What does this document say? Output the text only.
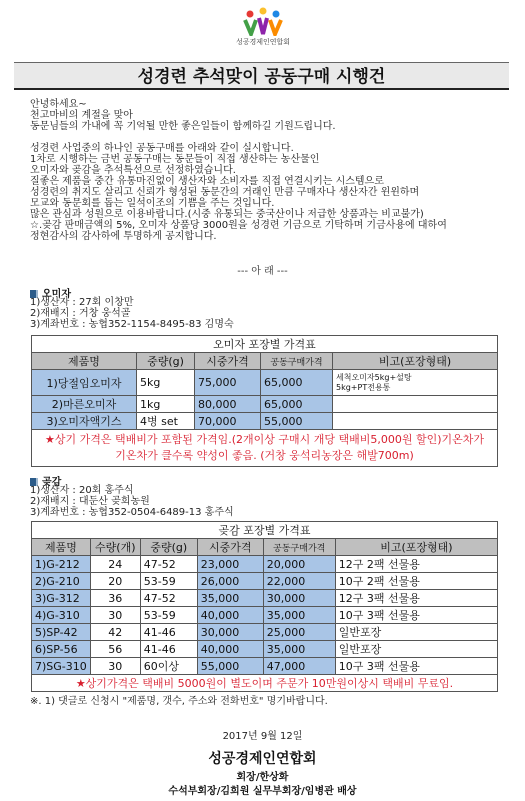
성공경제인연합회
성경련 추석맞이 공동구매 시행건
안녕하세요~
천고마비의 계절을 맞아
동문님들의 가내에 꼭 기억될 만한 좋은일들이 함께하길 기원드립니다.
성경련 사업중의 하나인 공동구매를 아래와 같이 실시합니다.
1차로 시행하는 금번 공동구매는 동문들이 직접 생산하는 농산물인
오미자와 곶감을 추석특선으로 선정하였습니다.
질좋은 제품을 중간 유통마진없이 생산자와 소비자를 직접 연결시키는 시스템으로
성경련의 취지도 살리고 신뢰가 형성된 동문간의 거래인 만큼 구매자나 생산자간 윈윈하며
모교와 동문회를 돕는 일석이조의 기쁨을 주는 것입니다.
많은 관심과 성원으로 이용바랍니다.(시중 유통되는 중국산이나 저급한 상품과는 비교불가)
☆.곶감 판매금액의 5%, 오미자 상품당 3000원을 성경련 기금으로 기탁하며 기금사용에 대하여
정현감사의 감사하에 투명하게 공지합니다.
--- 아 래 ---
오미자
1)생산자 : 27회 이창만
2)재배지 : 거창 웅석골
3)계좌번호 : 농협352-1154-8495-83 김명숙
오미자 포장별 가격표				
제품명	중량(g)	시중가격	공동구매가격	비고(포장형태)
1)당절임오미자	5kg	75,000	65,000	세척오미자5kg+설탕
5kg+PT전용통

2)마른오미자	1kg	80,000	65,000	
3)오미자액기스	4병 set	70,000	55,000	

★상기 가격은 택배비가 포함된 가격임.(2개이상 구매시 개당 택배비5,000원 할인)기온차가
기온차가 클수록 약성이 좋음. (거창 웅석리농장은 해발700m)				
곶감
1)생산자 : 20회 홍주식
2)재배지 : 대둔산 곶희농원
3)계좌번호 : 농협352-0504-6489-13 홍주식
곶감 포장별 가격표					
제품명	수량(개)	중량(g)	시중가격	공동구매가격	비고(포장형태)
1)G-212	24	47-52	23,000	20,000	12구 2팩 선물용
2)G-210	20	53-59	26,000	22,000	10구 2팩 선물용
3)G-312	36	47-52	35,000	30,000	12구 3팩 선물용
4)G-310	30	53-59	40,000	35,000	10구 3팩 선물용
5)SP-42	42	41-46	30,000	25,000	일반포장
6)SP-56	56	41-46	40,000	35,000	일반포장
7)SG-310	30	60이상	55,000	47,000	10구 3팩 선물용
★상기가격은 택배비 5000원이 별도이며 주문가 10만원이상시 택배비 무료임.					
※. 1) 댓글로 신청시 "제품명, 갯수, 주소와 전화번호" 명기바랍니다.
2017년 9월 12일
성공경제인연합회
회장/한상화
수석부회장/김희원 실무부회장/임병관 배상
